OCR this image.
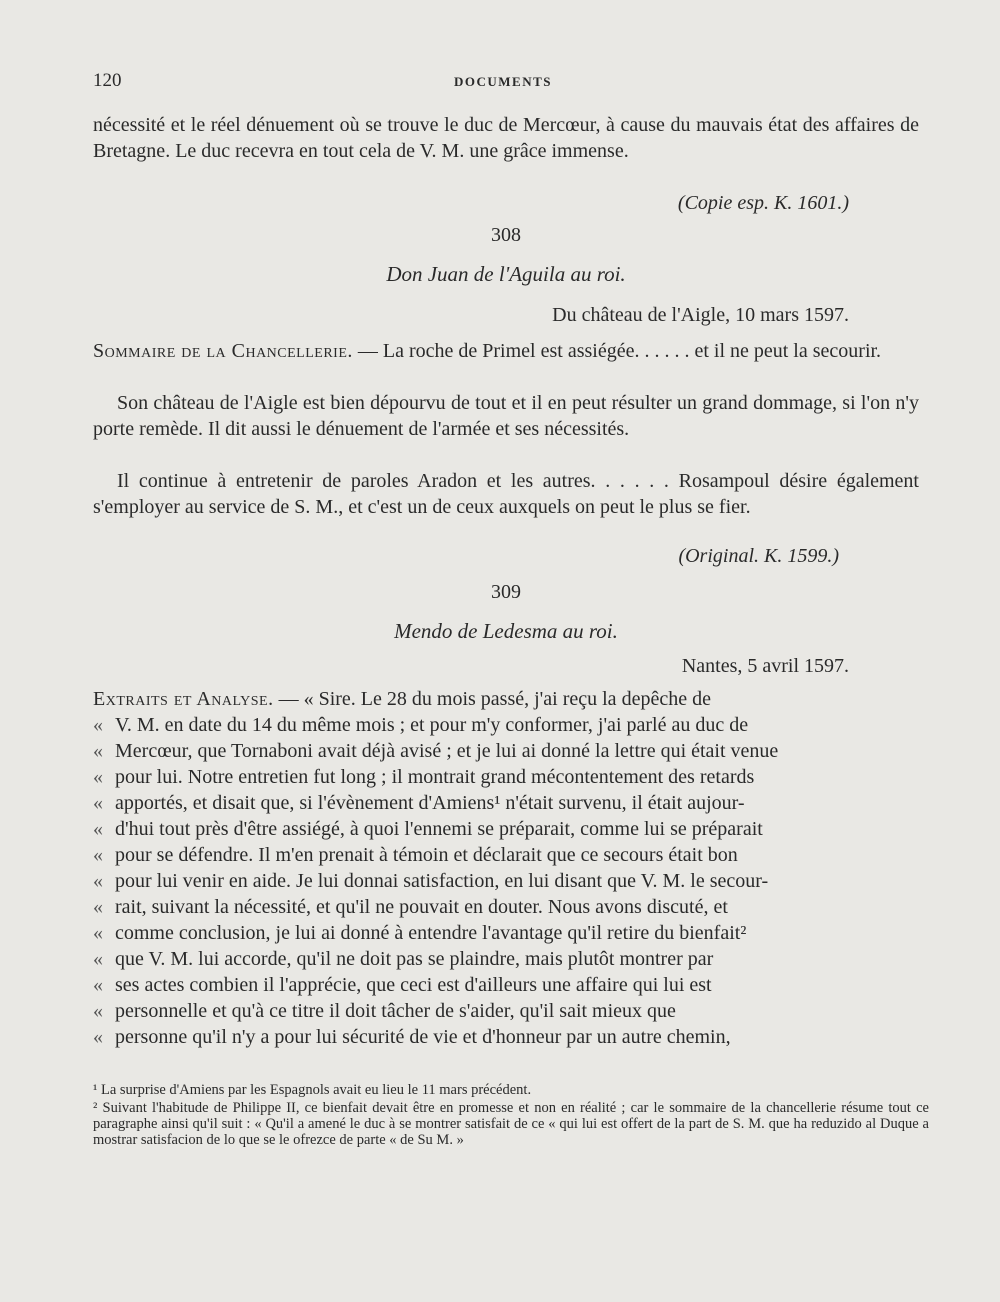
120	DOCUMENTS
nécessité et le réel dénuement où se trouve le duc de Mercœur, à cause du mauvais état des affaires de Bretagne. Le duc recevra en tout cela de V. M. une grâce immense.
(Copie esp. K. 1601.)
308
Don Juan de l'Aguila au roi.
Du château de l'Aigle, 10 mars 1597.
Sommaire de la Chancellerie. — La roche de Primel est assiégée. . . . . . et il ne peut la secourir.
Son château de l'Aigle est bien dépourvu de tout et il en peut résulter un grand dommage, si l'on n'y porte remède. Il dit aussi le dénuement de l'armée et ses nécessités.
Il continue à entretenir de paroles Aradon et les autres. . . . . . Rosampoul désire également s'employer au service de S. M., et c'est un de ceux auxquels on peut le plus se fier.
(Original. K. 1599.)
309
Mendo de Ledesma au roi.
Nantes, 5 avril 1597.
Extraits et Analyse. — « Sire. Le 28 du mois passé, j'ai reçu la depêche de
« V. M. en date du 14 du même mois ; et pour m'y conformer, j'ai parlé au duc de
« Mercœur, que Tornaboni avait déjà avisé ; et je lui ai donné la lettre qui était venue
« pour lui. Notre entretien fut long ; il montrait grand mécontentement des retards
« apportés, et disait que, si l'évènement d'Amiens¹ n'était survenu, il était aujour-
« d'hui tout près d'être assiégé, à quoi l'ennemi se préparait, comme lui se préparait
« pour se défendre. Il m'en prenait à témoin et déclarait que ce secours était bon
« pour lui venir en aide. Je lui donnai satisfaction, en lui disant que V. M. le secour-
« rait, suivant la nécessité, et qu'il ne pouvait en douter. Nous avons discuté, et
« comme conclusion, je lui ai donné à entendre l'avantage qu'il retire du bienfait²
« que V. M. lui accorde, qu'il ne doit pas se plaindre, mais plutôt montrer par
« ses actes combien il l'apprécie, que ceci est d'ailleurs une affaire qui lui est
« personnelle et qu'à ce titre il doit tâcher de s'aider, qu'il sait mieux que
« personne qu'il n'y a pour lui sécurité de vie et d'honneur par un autre chemin,
¹ La surprise d'Amiens par les Espagnols avait eu lieu le 11 mars précédent.
² Suivant l'habitude de Philippe II, ce bienfait devait être en promesse et non en réalité ; car le sommaire de la chancellerie résume tout ce paragraphe ainsi qu'il suit : « Qu'il a amené le duc à se montrer satisfait de ce « qui lui est offert de la part de S. M. que ha reduzido al Duque a mostrar satisfacion de lo que se le ofrezce de parte « de Su M. »
